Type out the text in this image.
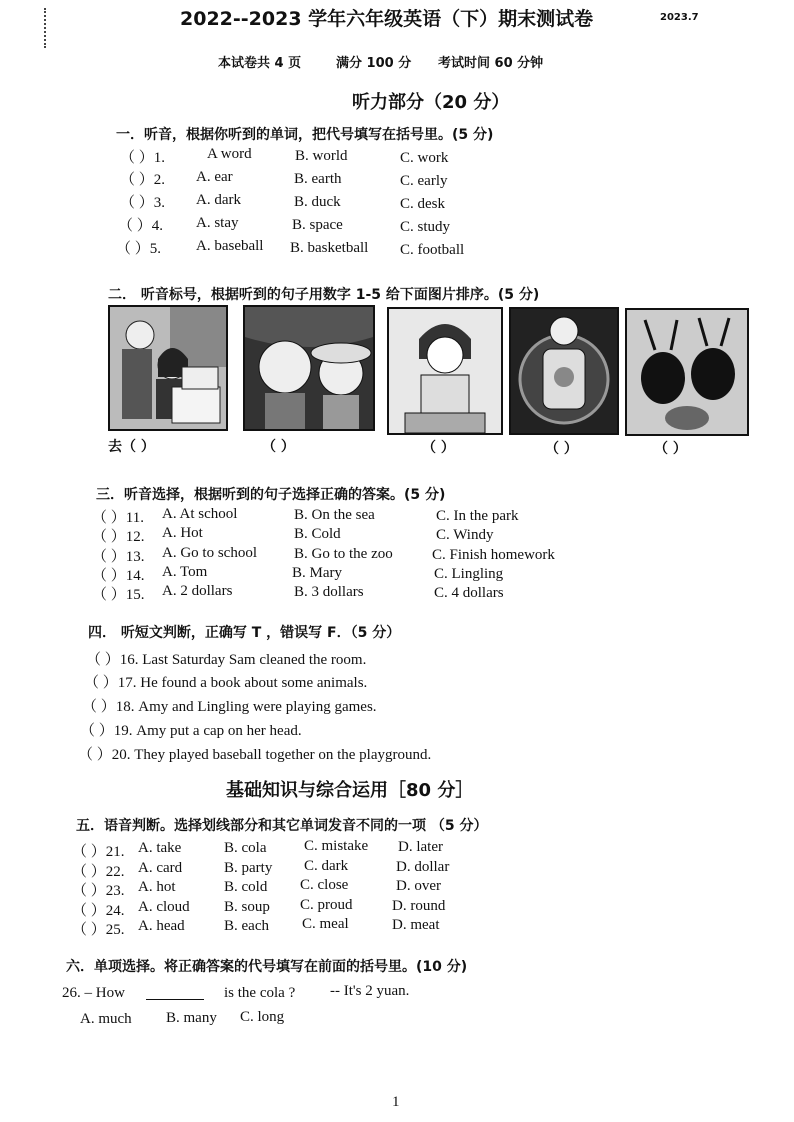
2022--2023 学年六年级英语（下）期末测试卷	2023.7
本试卷共 4 页	满分 100 分 考试时间 60 分钟
听力部分（20 分）
一．听音，根据你听到的单词，把代号填写在括号里。(5 分)
（ ）1.	A word	B. world	C. work
（ ）2. A. ear	B. earth	C. early
（ ）3. A. dark	B. duck	C. desk
（ ）4. A. stay	B. space	C. study
（ ）5. A. baseball B. basketball C. football
二． 听音标号，根据听到的句子用数字 1-5 给下面图片排序。(5 分)
去（ ）	（ ）	（ ）	（ ）	（ ）
三．听音选择，根据听到的句子选择正确的答案。(5 分)
（ ）11. A. At school	B. On the sea	C. In the park
（ ）12. A. Hot	B. Cold	C. Windy
（ ）13. A. Go to school B. Go to the zoo	C. Finish homework
（ ）14. A. Tom	B. Mary	C. Lingling
（ ）15. A. 2 dollars	B. 3 dollars	C. 4 dollars
四． 听短文判断，正确写 T ，错误写 F．（5 分）
（ ）16. Last Saturday Sam cleaned the room.
（ ）17. He found a book about some animals.
（ ）18. Amy and Lingling were playing games.
（ ）19. Amy put a cap on her head.
（ ）20. They played baseball together on the playground.
基础知识与综合运用［80 分］
五．语音判断。选择划线部分和其它单词发音不同的一项 （5 分）
（ ）21. A. take	B. cola	C. mistake D. later
（ ）22. A. card	B. party C. dark	D. dollar
（ ）23. A. hot	B. cold C. close	D. over
（ ）24. A. cloud B. soup C. proud	D. round
（ ）25. A. head	B. each C. meal	D. meat
六．单项选择。将正确答案的代号填写在前面的括号里。(10 分)
26. – How	is the cola ? -- It's 2 yuan.
A. much B. many C. long
1
